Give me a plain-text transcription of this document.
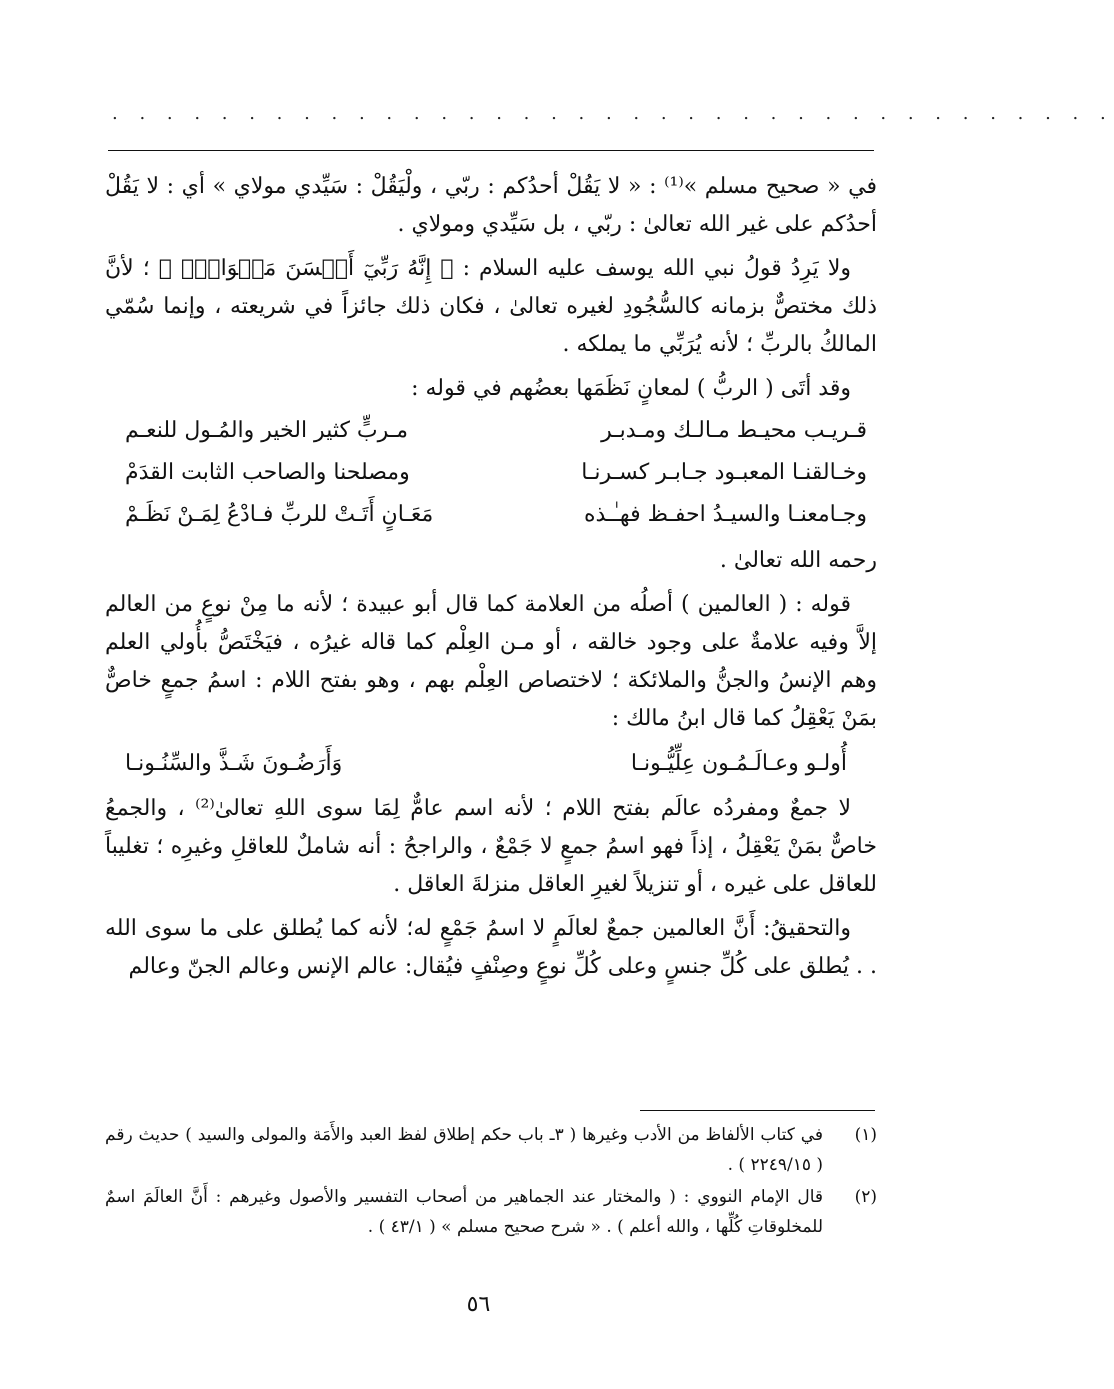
. . . . . . . . . . . . . . . . . . . . . . . . . . . . . . . . . . . . .

في « صحيح مسلم »⁽¹⁾ : « لا يَقُلْ أحدُكم : ربّي ، ولْيَقُلْ : سَيِّدي مولاي » أي : لا يَقُلْ أحدُكم على غير الله تعالىٰ : ربّي ، بل سَيِّدي ومولاي .

ولا يَرِدُ قولُ نبي الله يوسف عليه السلام : ﴿ إِنَّهُ رَبِّيٓ أَحۡسَنَ مَثۡوَايَۖ ﴾ ؛ لأنَّ ذلك مختصٌّ بزمانه كالسُّجُودِ لغيره تعالىٰ ، فكان ذلك جائزاً في شريعته ، وإنما سُمّي المالكُ بالربِّ ؛ لأنه يُرَبِّي ما يملكه .

وقد أتَى ( الربُّ ) لمعانٍ نَظَمَها بعضُهم في قوله :

قـريـب محيـط مـالـك ومـدبـر
مـربٍّ كثير الخير والمُـول للنعـم
وخـالقنـا المعبـود جـابـر كسـرنـا
ومصلحنا والصاحب الثابت القدَمْ
وجـامعنـا والسيـدُ احفـظ فهـٰـذه
مَعَـانٍ أَتَـتْ للربِّ فـادْعُ لِمَـنْ نَظَـمْ

رحمه الله تعالىٰ .

قوله : ( العالمين ) أصلُه من العلامة كما قال أبو عبيدة ؛ لأنه ما مِنْ نوعٍ من العالم إلاَّ وفيه علامةٌ على وجود خالقه ، أو مـن العِلْم كما قاله غيرُه ، فيَخْتَصُّ بأُولي العلم وهم الإنسُ والجنُّ والملائكة ؛ لاختصاص العِلْم بهم ، وهو بفتح اللام : اسمُ جمعٍ خاصٌّ بمَنْ يَعْقِلُ كما قال ابنُ مالك :

أُولـو وعـالَـمُـون عِلِّيُّـونـا
وَأَرَضُـونَ شَـذَّ والسِّنُـونـا

لا جمعٌ ومفردُه عالَم بفتح اللام ؛ لأنه اسم عامٌّ لِمَا سوى اللهِ تعالىٰ⁽²⁾ ، والجمعُ خاصٌّ بمَنْ يَعْقِلُ ، إذاً فهو اسمُ جمعٍ لا جَمْعٌ ، والراجحُ : أنه شاملٌ للعاقلِ وغيرِه ؛ تغليباً للعاقل على غيره ، أو تنزيلاً لغيرِ العاقل منزلةَ العاقل .

والتحقيقُ: أَنَّ العالمين جمعٌ لعالَمٍ لا اسمُ جَمْعٍ له؛ لأنه كما يُطلق على ما سوى الله . . يُطلق على كُلِّ جنسٍ وعلى كُلِّ نوعٍ وصِنْفٍ فيُقال: عالم الإنس وعالم الجنّ وعالم

(١)
في كتاب الألفاظ من الأدب وغيرها ( ٣ـ باب حكم إطلاق لفظ العبد والأَمَة والمولى والسيد ) حديث رقم ( ٢٢٤٩/١٥ ) .
(٢)
قال الإمام النووي : ( والمختار عند الجماهير من أصحاب التفسير والأصول وغيرهم : أَنَّ العالَمَ اسمٌ للمخلوقاتِ كُلِّها ، والله أعلم ) . « شرح صحيح مسلم » ( ٤٣/١ ) .
٥٦
